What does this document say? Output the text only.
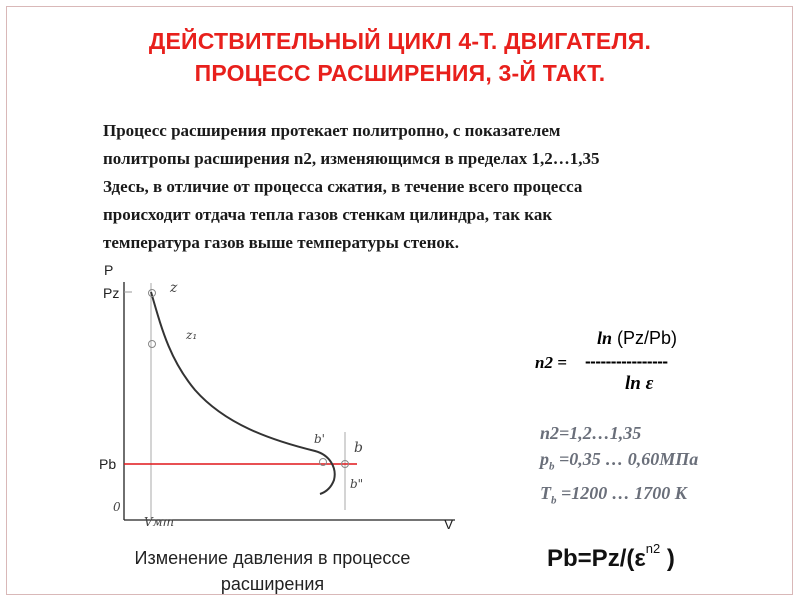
ДЕЙСТВИТЕЛЬНЫЙ ЦИКЛ 4-Т. ДВИГАТЕЛЯ.
ПРОЦЕСС РАСШИРЕНИЯ, 3-Й ТАКТ.

Процесс расширения протекает политропно, с показателем

политропы расширения n2, изменяющимся в пределах 1,2…1,35

Здесь, в отличие от процесса сжатия, в течение всего процесса

происходит отдача тепла газов стенкам цилиндра, так как

температура газов выше температуры стенок.

P
Pz
Pb
V
0
Vмт
z
z₁
b'
b
b"
Изменение давления в процессе расширения
ln (Pz/Pb)
n2 = ----------------
ln ε
n2=1,2…1,35
$p_b =0,35$ … 0,60МПа
$T_b =1200$ … 1700 К
$Pb=Pz/(\varepsilon^{n2}$ )
